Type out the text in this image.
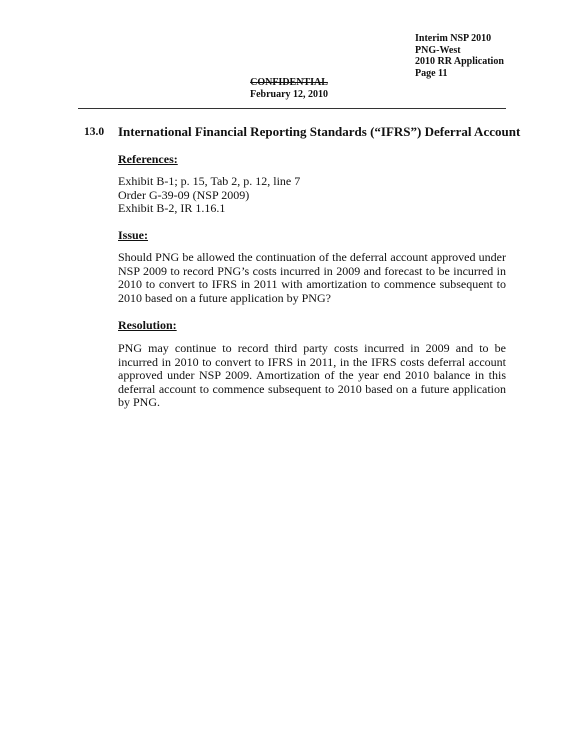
Interim NSP 2010
PNG-West
2010 RR Application
Page 11
CONFIDENTIAL
February 12, 2010
13.0 International Financial Reporting Standards (“IFRS”) Deferral Account
References:
Exhibit B-1; p. 15, Tab 2, p. 12, line 7
Order G-39-09 (NSP 2009)
Exhibit B-2, IR 1.16.1
Issue:
Should PNG be allowed the continuation of the deferral account approved under NSP 2009 to record PNG’s costs incurred in 2009 and forecast to be incurred in 2010 to convert to IFRS in 2011 with amortization to commence subsequent to 2010 based on a future application by PNG?
Resolution:
PNG may continue to record third party costs incurred in 2009 and to be incurred in 2010 to convert to IFRS in 2011, in the IFRS costs deferral account approved under NSP 2009. Amortization of the year end 2010 balance in this deferral account to commence subsequent to 2010 based on a future application by PNG.
